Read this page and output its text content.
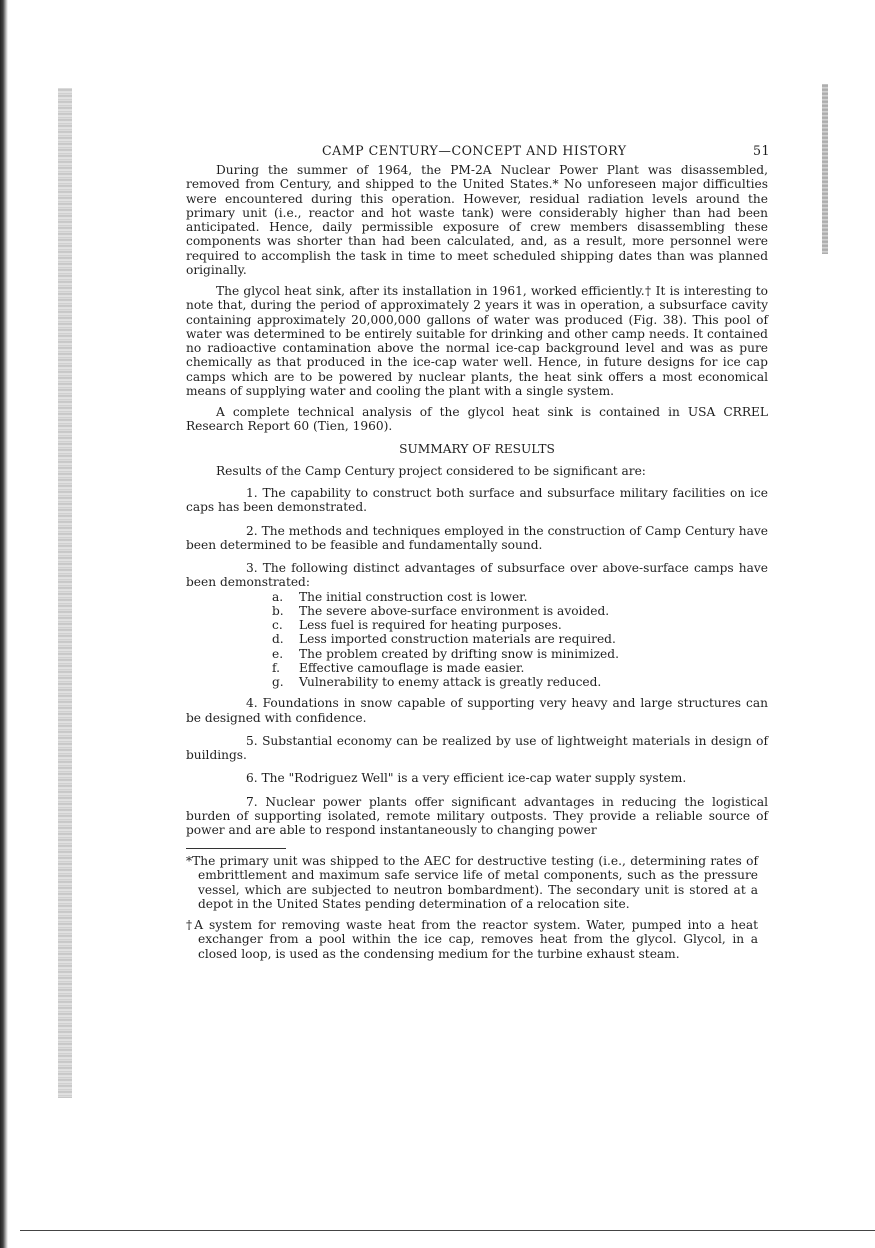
CAMP CENTURY—CONCEPT AND HISTORY	51

During the summer of 1964, the PM-2A Nuclear Power Plant was disassembled, removed from Century, and shipped to the United States.* No unforeseen major difficulties were encountered during this operation. However, residual radiation levels around the primary unit (i.e., reactor and hot waste tank) were considerably higher than had been anticipated. Hence, daily permissible exposure of crew members disassembling these components was shorter than had been calculated, and, as a result, more personnel were required to accomplish the task in time to meet scheduled shipping dates than was planned originally.

The glycol heat sink, after its installation in 1961, worked efficiently.† It is interesting to note that, during the period of approximately 2 years it was in operation, a subsurface cavity containing approximately 20,000,000 gallons of water was produced (Fig. 38). This pool of water was determined to be entirely suitable for drinking and other camp needs. It contained no radioactive contamination above the normal ice-cap background level and was as pure chemically as that produced in the ice-cap water well. Hence, in future designs for ice cap camps which are to be powered by nuclear plants, the heat sink offers a most economical means of supplying water and cooling the plant with a single system.

A complete technical analysis of the glycol heat sink is contained in USA CRREL Research Report 60 (Tien, 1960).

SUMMARY OF RESULTS

Results of the Camp Century project considered to be significant are:

1. The capability to construct both surface and subsurface military facilities on ice caps has been demonstrated.

2. The methods and techniques employed in the construction of Camp Century have been determined to be feasible and fundamentally sound.

3. The following distinct advantages of subsurface over above-surface camps have been demonstrated:

a. The initial construction cost is lower.
b. The severe above-surface environment is avoided.
c. Less fuel is required for heating purposes.
d. Less imported construction materials are required.
e. The problem created by drifting snow is minimized.
f. Effective camouflage is made easier.
g. Vulnerability to enemy attack is greatly reduced.

4. Foundations in snow capable of supporting very heavy and large structures can be designed with confidence.

5. Substantial economy can be realized by use of lightweight materials in design of buildings.

6. The "Rodriguez Well" is a very efficient ice-cap water supply system.

7. Nuclear power plants offer significant advantages in reducing the logistical burden of supporting isolated, remote military outposts. They provide a reliable source of power and are able to respond instantaneously to changing power

*The primary unit was shipped to the AEC for destructive testing (i.e., determining rates of embrittlement and maximum safe service life of metal components, such as the pressure vessel, which are subjected to neutron bombardment). The secondary unit is stored at a depot in the United States pending determination of a relocation site.

†A system for removing waste heat from the reactor system. Water, pumped into a heat exchanger from a pool within the ice cap, removes heat from the glycol. Glycol, in a closed loop, is used as the condensing medium for the turbine exhaust steam.
